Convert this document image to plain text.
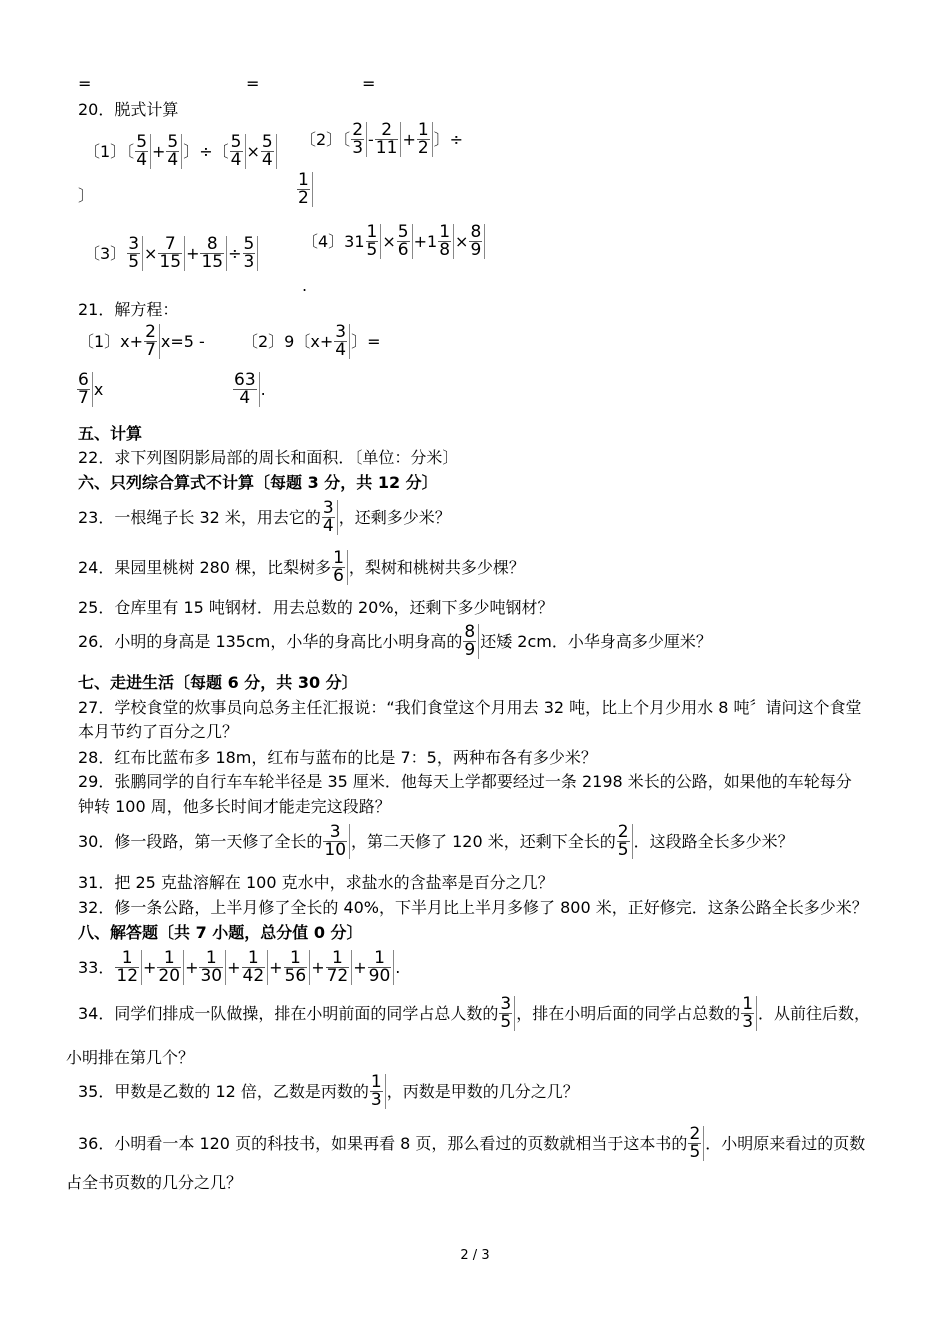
=	=	=
20．脱式计算
〔1〕〔 $\frac{5}{4} + \frac{5}{4}$ 〕÷〔 $\frac{5}{4} \times \frac{5}{4}$
〕
〔2〕〔 $\frac{2}{3} - \frac{2}{11} + \frac{1}{2}$ 〕÷
$\frac{1}{2}$
〔3〕 $\frac{3}{5} \times \frac{7}{15} + \frac{8}{15} \div \frac{5}{3}$	〔4〕$31 \frac{1}{5} \times \frac{5}{6} +1 \frac{1}{8} \times \frac{8}{9}$
.
21．解方程：
〔1〕$x+ \frac{2}{7} x=5$ -
$\frac{6}{7}$ x
〔2〕9〔$x+ \frac{3}{4}$ 〕=
$\frac{63}{4}$ .
五、计算
22．求下列图阴影局部的周长和面积．〔单位：分米〕
六、只列综合算式不计算〔每题 3 分，共 12 分〕
23．一根绳子长 32 米，用去它的 $\frac{3}{4}$ ，还剩多少米？
24．果园里桃树 280 棵，比梨树多 $\frac{1}{6}$ ，梨树和桃树共多少棵？
25．仓库里有 15 吨钢材．用去总数的 20%，还剩下多少吨钢材？
26．小明的身高是 135cm，小华的身高比小明身高的 $\frac{8}{9}$ 还矮 2cm．小华身高多少厘米？
七、走进生活〔每题 6 分，共 30 分〕
27．学校食堂的炊事员向总务主任汇报说：“我们食堂这个月用去 32 吨，比上个月少用水 8 吨〞请问这个食堂
本月节约了百分之几？
28．红布比蓝布多 18m，红布与蓝布的比是 7：5，两种布各有多少米？
29．张鹏同学的自行车车轮半径是 35 厘米．他每天上学都要经过一条 2198 米长的公路，如果他的车轮每分
钟转 100 周，他多长时间才能走完这段路？
30．修一段路，第一天修了全长的 $\frac{3}{10}$ ，第二天修了 120 米，还剩下全长的 $\frac{2}{5}$ ．这段路全长多少米？
31．把 25 克盐溶解在 100 克水中，求盐水的含盐率是百分之几？
32．修一条公路，上半月修了全长的 40%，下半月比上半月多修了 800 米，正好修完．这条公路全长多少米？
八、解答题〔共 7 小题，总分值 0 分〕
33． $\frac{1}{12} + \frac{1}{20} + \frac{1}{30} + \frac{1}{42} + \frac{1}{56} + \frac{1}{72} + \frac{1}{90}$ .
34．同学们排成一队做操，排在小明前面的同学占总人数的 $\frac{3}{5}$ ，排在小明后面的同学占总数的 $\frac{1}{3}$ ．从前往后数，
小明排在第几个？
35．甲数是乙数的 12 倍，乙数是丙数的 $\frac{1}{3}$ ，丙数是甲数的几分之几？
36．小明看一本 120 页的科技书，如果再看 8 页，那么看过的页数就相当于这本书的 $\frac{2}{5}$ ．小明原来看过的页数
占全书页数的几分之几？
2 / 3
